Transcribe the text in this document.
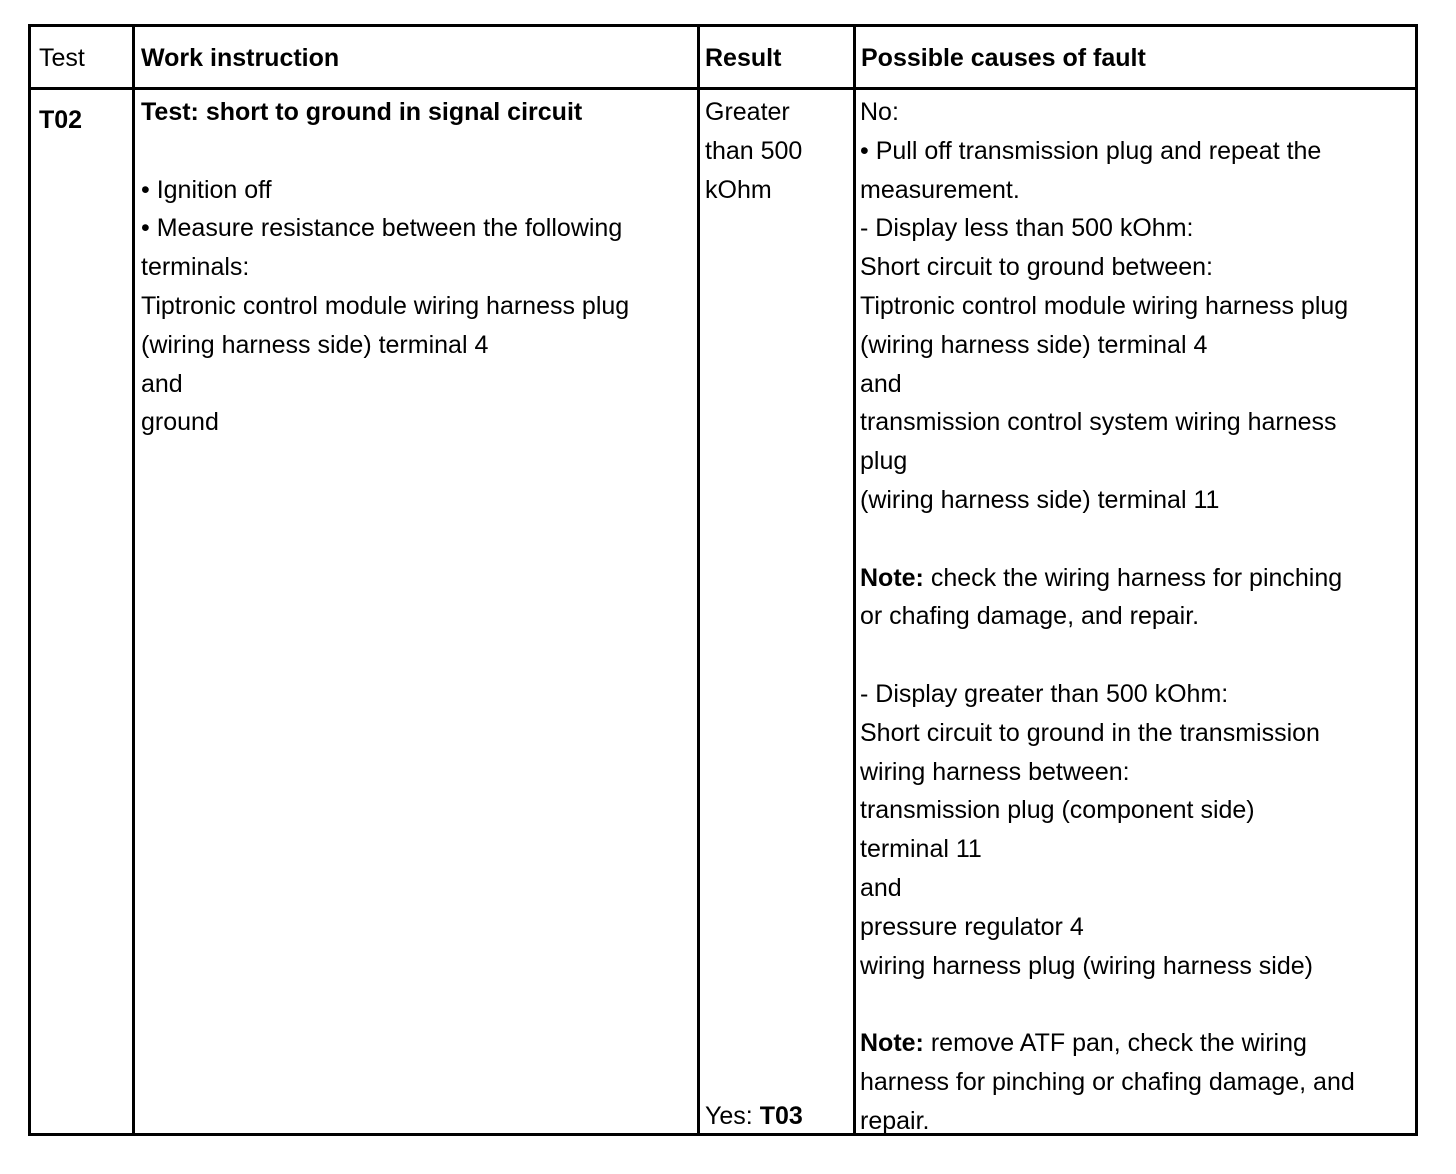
Test Work instruction	Result	Possible causes of fault
T02 Test: short to ground in signal circuit
• Ignition off
• Measure resistance between the following
terminals:
Tiptronic control module wiring harness plug
(wiring harness side) terminal 4
and
ground
Greater
than 500
kOhm
Yes: T03
No:
• Pull off transmission plug and repeat the
measurement.
- Display less than 500 kOhm:
Short circuit to ground between:
Tiptronic control module wiring harness plug
(wiring harness side) terminal 4
and
transmission control system wiring harness
plug
(wiring harness side) terminal 11
Note: check the wiring harness for pinching
or chafing damage, and repair.
- Display greater than 500 kOhm:
Short circuit to ground in the transmission
wiring harness between:
transmission plug (component side)
terminal 11
and
pressure regulator 4
wiring harness plug (wiring harness side)
Note: remove ATF pan, check the wiring
harness for pinching or chafing damage, and
repair.
